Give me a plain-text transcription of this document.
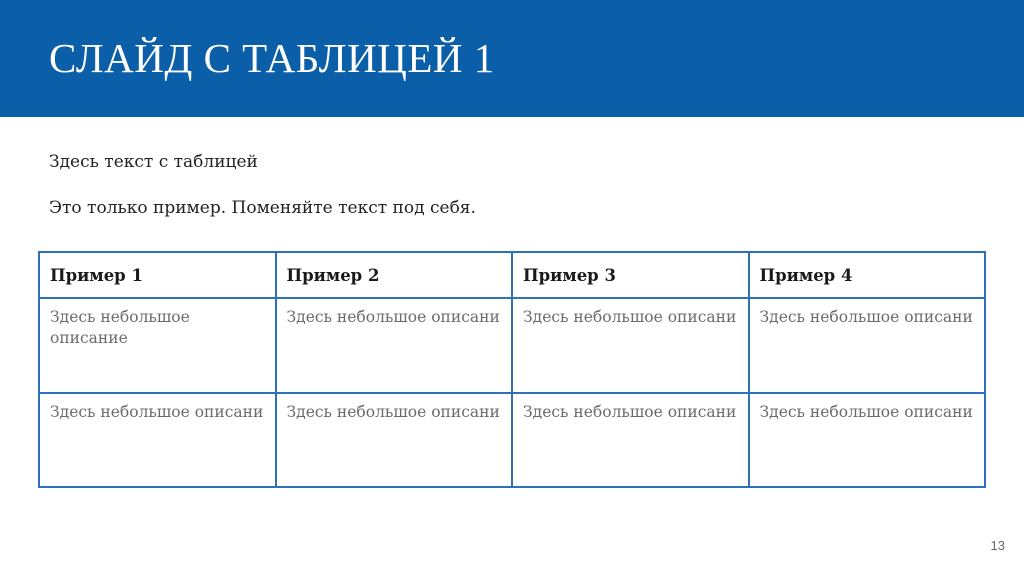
СЛАЙД С ТАБЛИЦЕЙ 1
Здесь текст с таблицей
Это только пример. Поменяйте текст под себя.
Пример 1	Пример 2	Пример 3	Пример 4
Здесь небольшое описание	Здесь небольшое описани	Здесь небольшое описани	Здесь небольшое описани
Здесь небольшое описани	Здесь небольшое описани	Здесь небольшое описани	Здесь небольшое описани
13
